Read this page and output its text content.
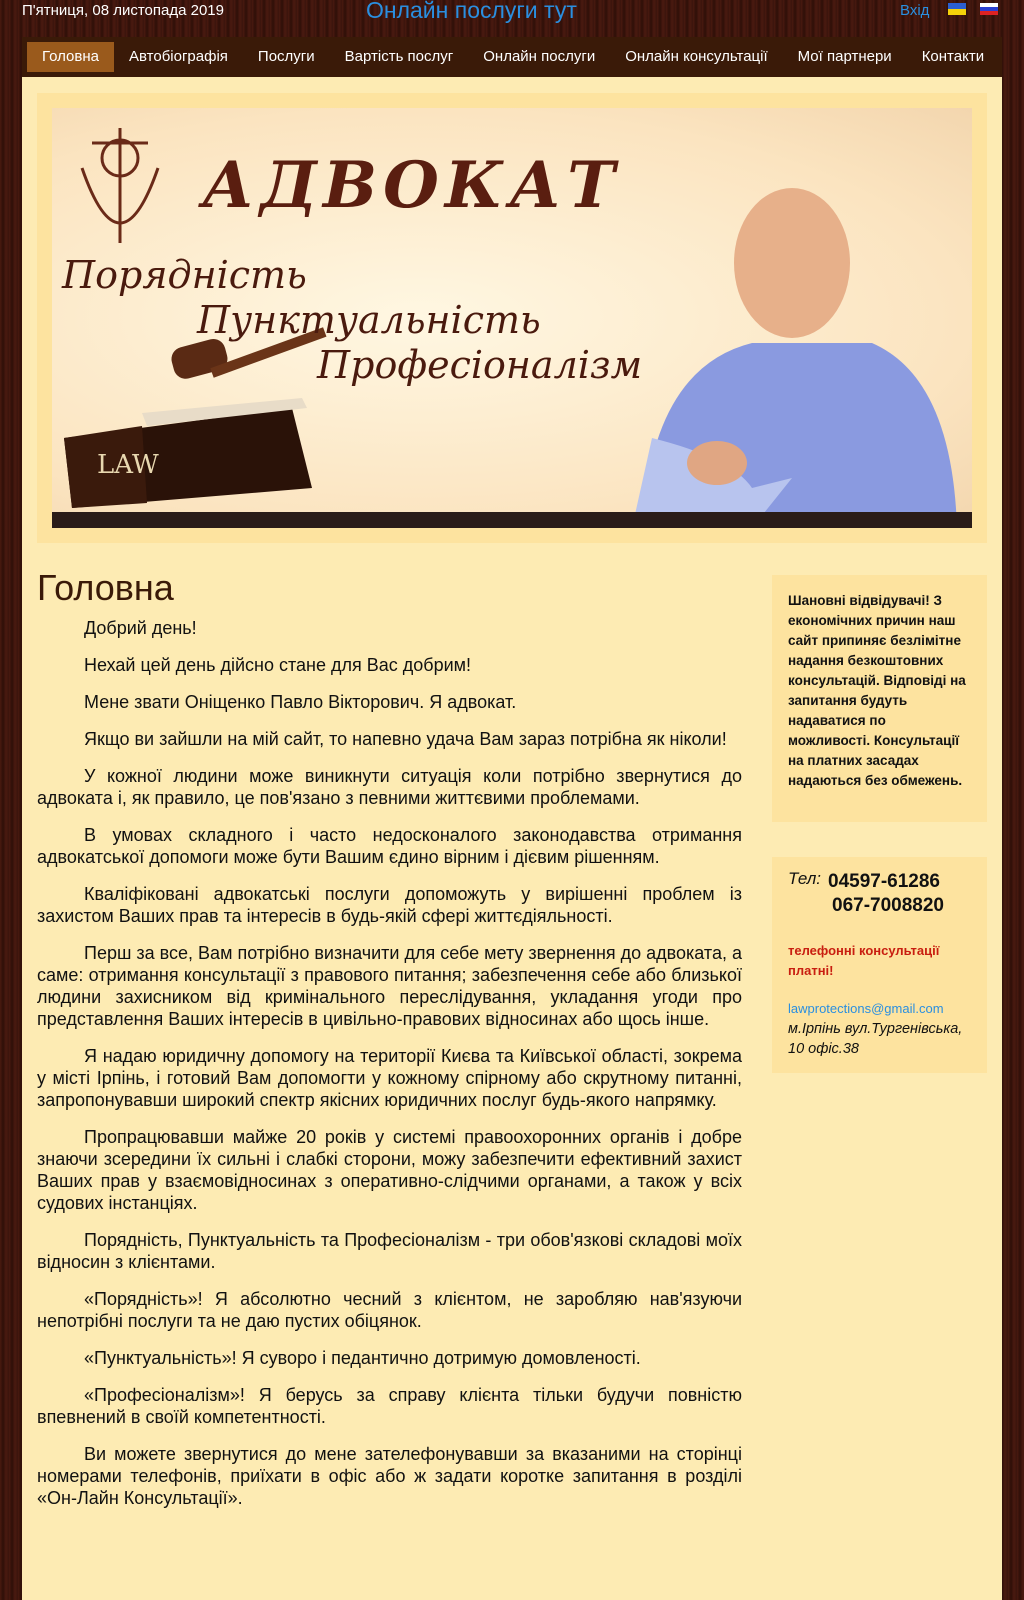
П'ятниця, 08 листопада 2019	Онлайн послуги тут	Вхід
Головна	Автобіографія	Послуги	Вартість послуг	Онлайн послуги	Онлайн консультації	Мої партнери	Контакти
LAW
АДВОКАТ
Порядність
Пунктуальність
Професіоналізм
Головна

Добрий день!

Нехай цей день дійсно стане для Вас добрим!

Мене звати Оніщенко Павло Вікторович. Я адвокат.

Якщо ви зайшли на мій сайт, то напевно удача Вам зараз потрібна як ніколи!

У кожної людини може виникнути ситуація коли потрібно звернутися до адвоката і, як правило, це пов'язано з певними життєвими проблемами.

В умовах складного і часто недосконалого законодавства отримання адвокатської допомоги може бути Вашим єдино вірним і дієвим рішенням.

Кваліфіковані адвокатські послуги допоможуть у вирішенні проблем із захистом Ваших прав та інтересів в будь-якій сфері життєдіяльності.

Перш за все, Вам потрібно визначити для себе мету звернення до адвоката, а саме: отримання консультації з правового питання; забезпечення себе або близької людини захисником від кримінального переслідування, укладання угоди про представлення Ваших інтересів в цивільно-правових відносинах або щось інше.

Я надаю юридичну допомогу на території Києва та Київської області, зокрема у місті Ірпінь, і готовий Вам допомогти у кожному спірному або скрутному питанні, запропонувавши широкий спектр якісних юридичних послуг будь-якого напрямку.

Пропрацювавши майже 20 років у системі правоохоронних органів і добре знаючи зсередини їх сильні і слабкі сторони, можу забезпечити ефективний захист Ваших прав у взаємовідносинах з оперативно-слідчими органами, а також у всіх судових інстанціях.

Порядність, Пунктуальність та Професіоналізм - три обов'язкові складові моїх відносин з клієнтами.

«Порядність»! Я абсолютно чесний з клієнтом, не заробляю нав'язуючи непотрібні послуги та не даю пустих обіцянок.

«Пунктуальність»! Я суворо і педантично дотримую домовленості.

«Професіоналізм»! Я берусь за справу клієнта тільки будучи повністю впевнений в своїй компетентності.

Ви можете звернутися до мене зателефонувавши за вказаними на сторінці номерами телефонів, приїхати в офіс або ж задати коротке запитання в розділі «Он-Лайн Консультації».

Шановні відвідувачі! З економічних причин наш сайт припиняє безлімітне надання безкоштовних консультацій. Відповіді на запитання будуть надаватися по можливості. Консультації на платних засадах надаються без обмежень.
Тел: 04597-61286
067-7008820
телефонні консультації платні!
lawprotections@gmail.com
м.Ірпінь вул.Тургенівська, 10 офіс.38
